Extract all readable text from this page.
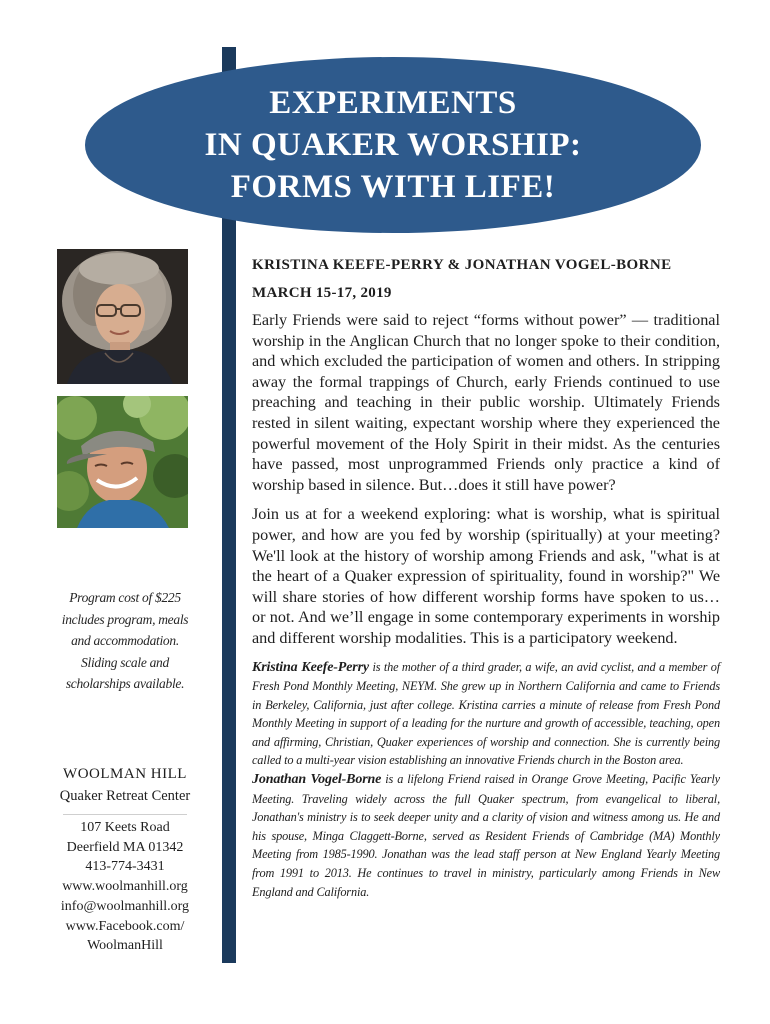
EXPERIMENTS
IN QUAKER WORSHIP:
FORMS WITH LIFE!
Program cost of $225
includes program, meals
and accommodation.
Sliding scale and
scholarships available.
WOOLMAN HILL
Quaker Retreat Center
107 Keets Road
Deerfield MA 01342
413-774-3431
www.woolmanhill.org
info@woolmanhill.org
www.Facebook.com/
WoolmanHill
KRISTINA KEEFE-PERRY & JONATHAN VOGEL-BORNE
MARCH 15-17, 2019
Early Friends were said to reject “forms without power” — traditional worship in the Anglican Church that no longer spoke to their condition, and which excluded the participation of women and others. In stripping away the formal trappings of Church, early Friends continued to use preaching and teaching in their public worship. Ultimately Friends rested in silent waiting, expectant worship where they experienced the powerful movement of the Holy Spirit in their midst. As the centuries have passed, most unprogrammed Friends only practice a kind of worship based in silence. But…does it still have power?
Join us at for a weekend exploring: what is worship, what is spiritual power, and how are you fed by worship (spiritually) at your meeting? We'll look at the history of worship among Friends and ask, "what is at the heart of a Quaker expression of spirituality, found in worship?" We will share stories of how different worship forms have spoken to us… or not. And we’ll engage in some contemporary experiments in worship and different worship modalities. This is a participatory weekend.
Kristina Keefe-Perry is the mother of a third grader, a wife, an avid cyclist, and a member of Fresh Pond Monthly Meeting, NEYM. She grew up in Northern California and came to Friends in Berkeley, California, just after college. Kristina carries a minute of release from Fresh Pond Monthly Meeting in support of a leading for the nurture and growth of accessible, teaching, open and affirming, Christian, Quaker experiences of worship and connection. She is currently being called to a multi-year vision establishing an innovative Friends church in the Boston area.
Jonathan Vogel-Borne is a lifelong Friend raised in Orange Grove Meeting, Pacific Yearly Meeting. Traveling widely across the full Quaker spectrum, from evangelical to liberal, Jonathan's ministry is to seek deeper unity and a clarity of vision and witness among us. He and his spouse, Minga Claggett-Borne, served as Resident Friends of Cambridge (MA) Monthly Meeting from 1985-1990. Jonathan was the lead staff person at New England Yearly Meeting from 1991 to 2013. He continues to travel in ministry, particularly among Friends in New England and California.
